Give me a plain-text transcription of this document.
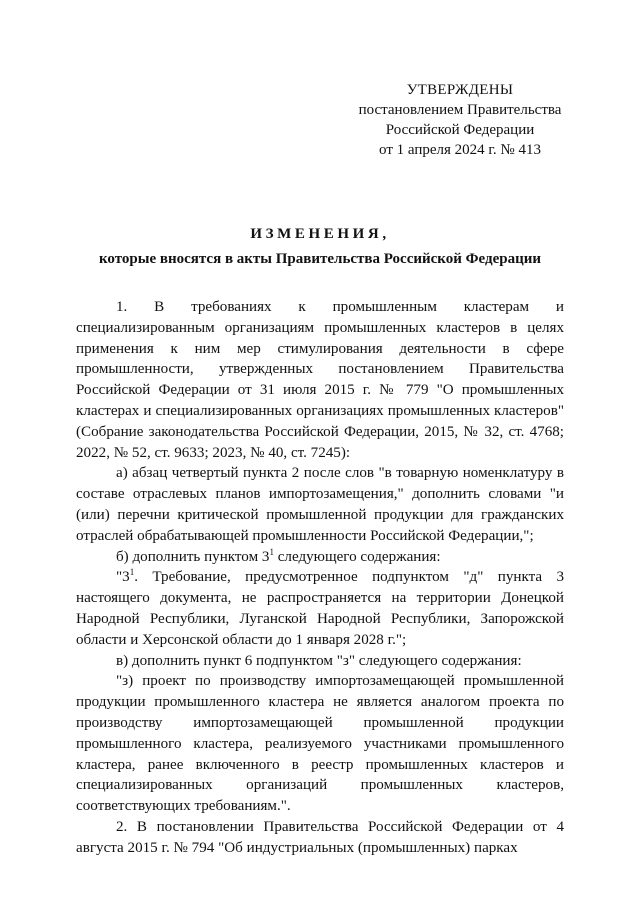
УТВЕРЖДЕНЫ
постановлением Правительства
Российской Федерации
от 1 апреля 2024 г. № 413
ИЗМЕНЕНИЯ,
которые вносятся в акты Правительства Российской Федерации

1. В требованиях к промышленным кластерам и специализированным организациям промышленных кластеров в целях применения к ним мер стимулирования деятельности в сфере промышленности, утвержденных постановлением Правительства Российской Федерации от 31 июля 2015 г. № 779 "О промышленных кластерах и специализированных организациях промышленных кластеров" (Собрание законодательства Российской Федерации, 2015, № 32, ст. 4768; 2022, № 52, ст. 9633; 2023, № 40, ст. 7245):

а) абзац четвертый пункта 2 после слов "в товарную номенклатуру в составе отраслевых планов импортозамещения," дополнить словами "и (или) перечни критической промышленной продукции для гражданских отраслей обрабатывающей промышленности Российской Федерации,";

б) дополнить пунктом $3^1$ следующего содержания:

"$3^1$. Требование, предусмотренное подпунктом "д" пункта 3 настоящего документа, не распространяется на территории Донецкой Народной Республики, Луганской Народной Республики, Запорожской области и Херсонской области до 1 января 2028 г.";

в) дополнить пункт 6 подпунктом "з" следующего содержания:

"з) проект по производству импортозамещающей промышленной продукции промышленного кластера не является аналогом проекта по производству импортозамещающей промышленной продукции промышленного кластера, реализуемого участниками промышленного кластера, ранее включенного в реестр промышленных кластеров и специализированных организаций промышленных кластеров, соответствующих требованиям.".

2. В постановлении Правительства Российской Федерации от 4 августа 2015 г. № 794 "Об индустриальных (промышленных) парках
